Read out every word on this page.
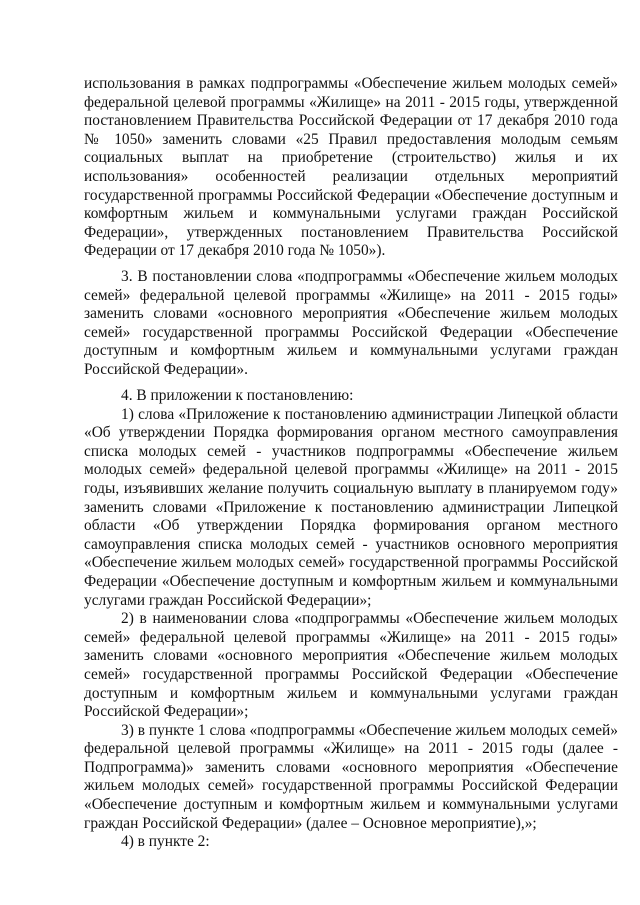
использования в рамках подпрограммы «Обеспечение жильем молодых семей» федеральной целевой программы «Жилище» на 2011 - 2015 годы, утвержденной постановлением Правительства Российской Федерации от 17 декабря 2010 года № 1050» заменить словами «25 Правил предоставления молодым семьям социальных выплат на приобретение (строительство) жилья и их использования» особенностей реализации отдельных мероприятий государственной программы Российской Федерации «Обеспечение доступным и комфортным жильем и коммунальными услугами граждан Российской Федерации», утвержденных постановлением Правительства Российской Федерации от 17 декабря 2010 года № 1050»).

3. В постановлении слова «подпрограммы «Обеспечение жильем молодых семей» федеральной целевой программы «Жилище» на 2011 - 2015 годы» заменить словами «основного мероприятия «Обеспечение жильем молодых семей» государственной программы Российской Федерации «Обеспечение доступным и комфортным жильем и коммунальными услугами граждан Российской Федерации».

4. В приложении к постановлению:

1) слова «Приложение к постановлению администрации Липецкой области «Об утверждении Порядка формирования органом местного самоуправления списка молодых семей - участников подпрограммы «Обеспечение жильем молодых семей» федеральной целевой программы «Жилище» на 2011 - 2015 годы, изъявивших желание получить социальную выплату в планируемом году» заменить словами «Приложение к постановлению администрации Липецкой области «Об утверждении Порядка формирования органом местного самоуправления списка молодых семей - участников основного мероприятия «Обеспечение жильем молодых семей» государственной программы Российской Федерации «Обеспечение доступным и комфортным жильем и коммунальными услугами граждан Российской Федерации»;

2) в наименовании слова «подпрограммы «Обеспечение жильем молодых семей» федеральной целевой программы «Жилище» на 2011 - 2015 годы» заменить словами «основного мероприятия «Обеспечение жильем молодых семей» государственной программы Российской Федерации «Обеспечение доступным и комфортным жильем и коммунальными услугами граждан Российской Федерации»;

3) в пункте 1 слова «подпрограммы «Обеспечение жильем молодых семей» федеральной целевой программы «Жилище» на 2011 - 2015 годы (далее - Подпрограмма)» заменить словами «основного мероприятия «Обеспечение жильем молодых семей» государственной программы Российской Федерации «Обеспечение доступным и комфортным жильем и коммунальными услугами граждан Российской Федерации» (далее – Основное мероприятие),»;

4) в пункте 2:
